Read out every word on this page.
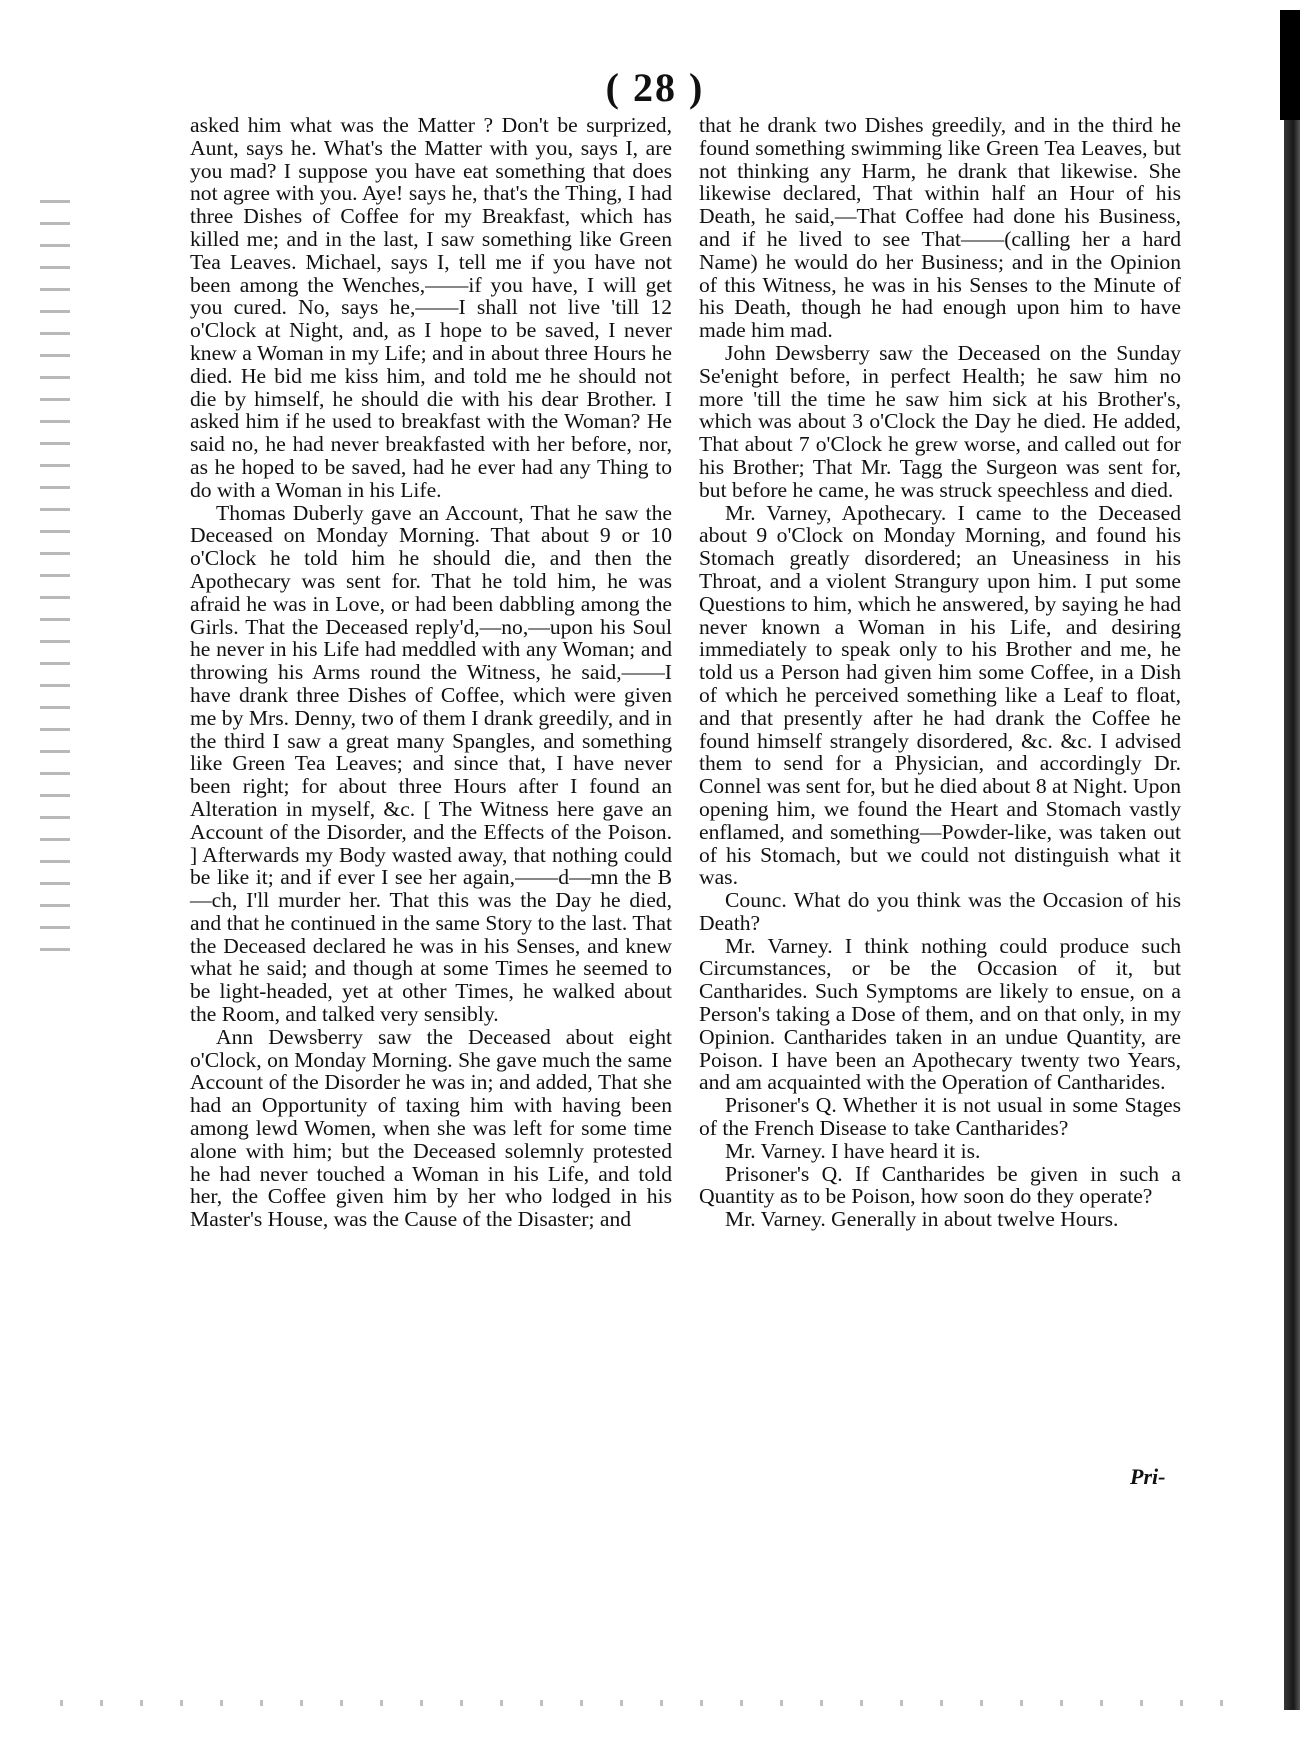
( 28 )

asked him what was the Matter ? Don't be surprized, Aunt, says he. What's the Matter with you, says I, are you mad? I suppose you have eat something that does not agree with you. Aye! says he, that's the Thing, I had three Dishes of Coffee for my Breakfast, which has killed me; and in the last, I saw something like Green Tea Leaves. Michael, says I, tell me if you have not been among the Wenches,——if you have, I will get you cured. No, says he,——I shall not live 'till 12 o'Clock at Night, and, as I hope to be saved, I never knew a Woman in my Life; and in about three Hours he died. He bid me kiss him, and told me he should not die by himself, he should die with his dear Brother. I asked him if he used to breakfast with the Woman? He said no, he had never breakfasted with her before, nor, as he hoped to be saved, had he ever had any Thing to do with a Woman in his Life.

Thomas Duberly gave an Account, That he saw the Deceased on Monday Morning. That about 9 or 10 o'Clock he told him he should die, and then the Apothecary was sent for. That he told him, he was afraid he was in Love, or had been dabbling among the Girls. That the Deceased reply'd,—no,—upon his Soul he never in his Life had meddled with any Woman; and throwing his Arms round the Witness, he said,——I have drank three Dishes of Coffee, which were given me by Mrs. Denny, two of them I drank greedily, and in the third I saw a great many Spangles, and something like Green Tea Leaves; and since that, I have never been right; for about three Hours after I found an Alteration in myself, &c. [ The Witness here gave an Account of the Disorder, and the Effects of the Poison. ] Afterwards my Body wasted away, that nothing could be like it; and if ever I see her again,——d—mn the B—ch, I'll murder her. That this was the Day he died, and that he continued in the same Story to the last. That the Deceased declared he was in his Senses, and knew what he said; and though at some Times he seemed to be light-headed, yet at other Times, he walked about the Room, and talked very sensibly.

Ann Dewsberry saw the Deceased about eight o'Clock, on Monday Morning. She gave much the same Account of the Disorder he was in; and added, That she had an Opportunity of taxing him with having been among lewd Women, when she was left for some time alone with him; but the Deceased solemnly protested he had never touched a Woman in his Life, and told her, the Coffee given him by her who lodged in his Master's House, was the Cause of the Disaster; and

that he drank two Dishes greedily, and in the third he found something swimming like Green Tea Leaves, but not thinking any Harm, he drank that likewise. She likewise declared, That within half an Hour of his Death, he said,—That Coffee had done his Business, and if he lived to see That——(calling her a hard Name) he would do her Business; and in the Opinion of this Witness, he was in his Senses to the Minute of his Death, though he had enough upon him to have made him mad.

John Dewsberry saw the Deceased on the Sunday Se'enight before, in perfect Health; he saw him no more 'till the time he saw him sick at his Brother's, which was about 3 o'Clock the Day he died. He added, That about 7 o'Clock he grew worse, and called out for his Brother; That Mr. Tagg the Surgeon was sent for, but before he came, he was struck speechless and died.

Mr. Varney, Apothecary. I came to the Deceased about 9 o'Clock on Monday Morning, and found his Stomach greatly disordered; an Uneasiness in his Throat, and a violent Strangury upon him. I put some Questions to him, which he answered, by saying he had never known a Woman in his Life, and desiring immediately to speak only to his Brother and me, he told us a Person had given him some Coffee, in a Dish of which he perceived something like a Leaf to float, and that presently after he had drank the Coffee he found himself strangely disordered, &c. &c. I advised them to send for a Physician, and accordingly Dr. Connel was sent for, but he died about 8 at Night. Upon opening him, we found the Heart and Stomach vastly enflamed, and something—Powder-like, was taken out of his Stomach, but we could not distinguish what it was.

Counc. What do you think was the Occasion of his Death?

Mr. Varney. I think nothing could produce such Circumstances, or be the Occasion of it, but Cantharides. Such Symptoms are likely to ensue, on a Person's taking a Dose of them, and on that only, in my Opinion. Cantharides taken in an undue Quantity, are Poison. I have been an Apothecary twenty two Years, and am acquainted with the Operation of Cantharides.

Prisoner's Q. Whether it is not usual in some Stages of the French Disease to take Cantharides?

Mr. Varney. I have heard it is.

Prisoner's Q. If Cantharides be given in such a Quantity as to be Poison, how soon do they operate?

Mr. Varney. Generally in about twelve Hours.

Pri-
